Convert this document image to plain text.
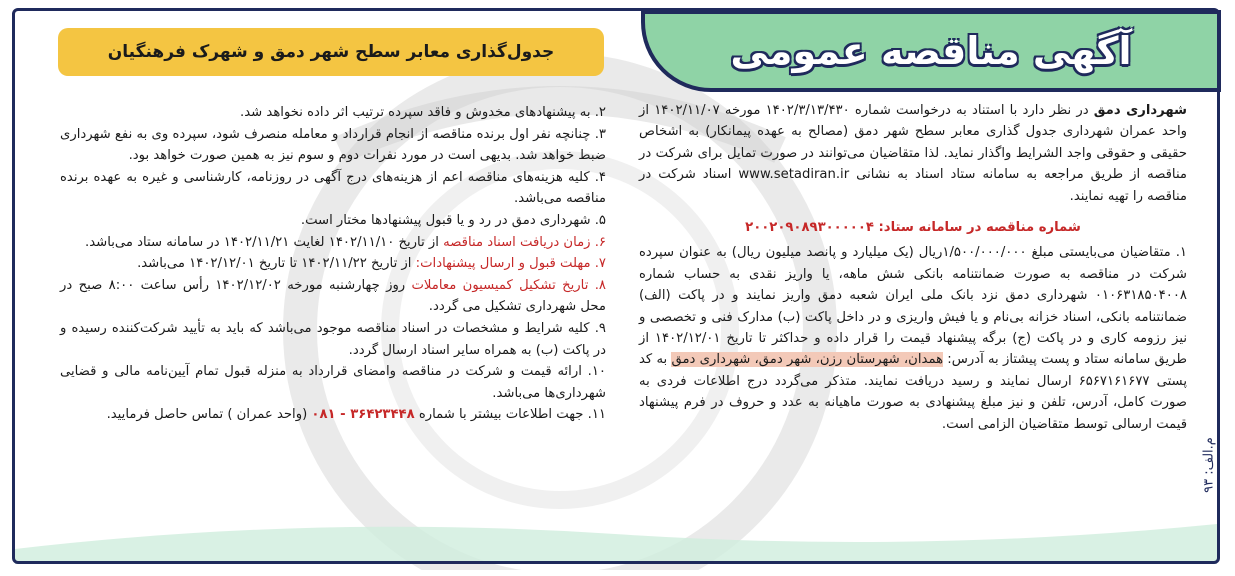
آگهی مناقصه عمومی
جدول‌گذاری معابر سطح شهر دمق و شهرک فرهنگیان
م.الف: ۹۳

شهرداری دمق در نظر دارد با استناد به درخواست شماره ۱۴۰۲/۳/۱۳/۴۳۰ مورخه ۱۴۰۲/۱۱/۰۷ از واحد عمران شهرداری جدول گذاری معابر سطح شهر دمق (مصالح به عهده پیمانکار) به اشخاص حقیقی و حقوقی واجد الشرایط واگذار نماید. لذا متقاضیان می‌توانند در صورت تمایل برای شرکت در مناقصه از طریق مراجعه به سامانه ستاد اسناد به نشانی www.setadiran.ir اسناد شرکت در مناقصه را تهیه نمایند.

شماره مناقصه در سامانه ستاد: ۲۰۰۲۰۹۰۸۹۳۰۰۰۰۰۴

۱. متقاضیان می‌بایستی مبلغ ۱/۵۰۰/۰۰۰/۰۰۰ریال (یک میلیارد و پانصد میلیون ریال) به عنوان سپرده شرکت در مناقصه به صورت ضمانتنامه بانکی شش ماهه، یا واریز نقدی به حساب شماره ۰۱۰۶۳۱۸۵۰۴۰۰۸ شهرداری دمق نزد بانک ملی ایران شعبه دمق واریز نمایند و در پاکت (الف) ضمانتنامه بانکی، اسناد خزانه بی‌نام و یا فیش واریزی و در داخل پاکت (ب) مدارک فنی و تخصصی و نیز رزومه کاری و در پاکت (ج) برگه پیشنهاد قیمت را قرار داده و حداکثر تا تاریخ ۱۴۰۲/۱۲/۰۱ از طریق سامانه ستاد و پست پیشتاز به آدرس: همدان، شهرستان رزن، شهر دمق، شهرداری دمق به کد پستی ۶۵۶۷۱۶۱۶۷۷ ارسال نمایند و رسید دریافت نمایند. متذکر می‌گردد درج اطلاعات فردی به صورت کامل، آدرس، تلفن و نیز مبلغ پیشنهادی به صورت ماهیانه به عدد و حروف در فرم پیشنهاد قیمت ارسالی توسط متقاضیان الزامی است.

۲. به پیشنهادهای مخدوش و فاقد سپرده ترتیب اثر داده نخواهد شد.

۳. چنانچه نفر اول برنده مناقصه از انجام قرارداد و معامله منصرف شود، سپرده وی به نفع شهرداری ضبط خواهد شد. بدیهی است در مورد نفرات دوم و سوم نیز به همین صورت خواهد بود.

۴. کلیه هزینه‌های مناقصه اعم از هزینه‌های درج آگهی در روزنامه، کارشناسی و غیره به عهده برنده مناقصه می‌باشد.

۵. شهرداری دمق در رد و یا قبول پیشنهادها مختار است.

۶. زمان دریافت اسناد مناقصه از تاریخ ۱۴۰۲/۱۱/۱۰ لغایت ۱۴۰۲/۱۱/۲۱ در سامانه ستاد می‌باشد.

۷. مهلت قبول و ارسال پیشنهادات: از تاریخ ۱۴۰۲/۱۱/۲۲ تا تاریخ ۱۴۰۲/۱۲/۰۱ می‌باشد.

۸. تاریخ تشکیل کمیسیون معاملات روز چهارشنبه مورخه ۱۴۰۲/۱۲/۰۲ رأس ساعت ۸:۰۰ صبح در محل شهرداری تشکیل می گردد.

۹. کلیه شرایط و مشخصات در اسناد مناقصه موجود می‌باشد که باید به تأیید شرکت‌کننده رسیده و در پاکت (ب) به همراه سایر اسناد ارسال گردد.

۱۰. ارائه قیمت و شرکت در مناقصه وامضای قرارداد به منزله قبول تمام آیین‌نامه مالی و قضایی شهرداری‌ها می‌باشد.

۱۱. جهت اطلاعات بیشتر با شماره ۳۶۴۲۳۴۴۸ - ۰۸۱ (واحد عمران ) تماس حاصل فرمایید.
